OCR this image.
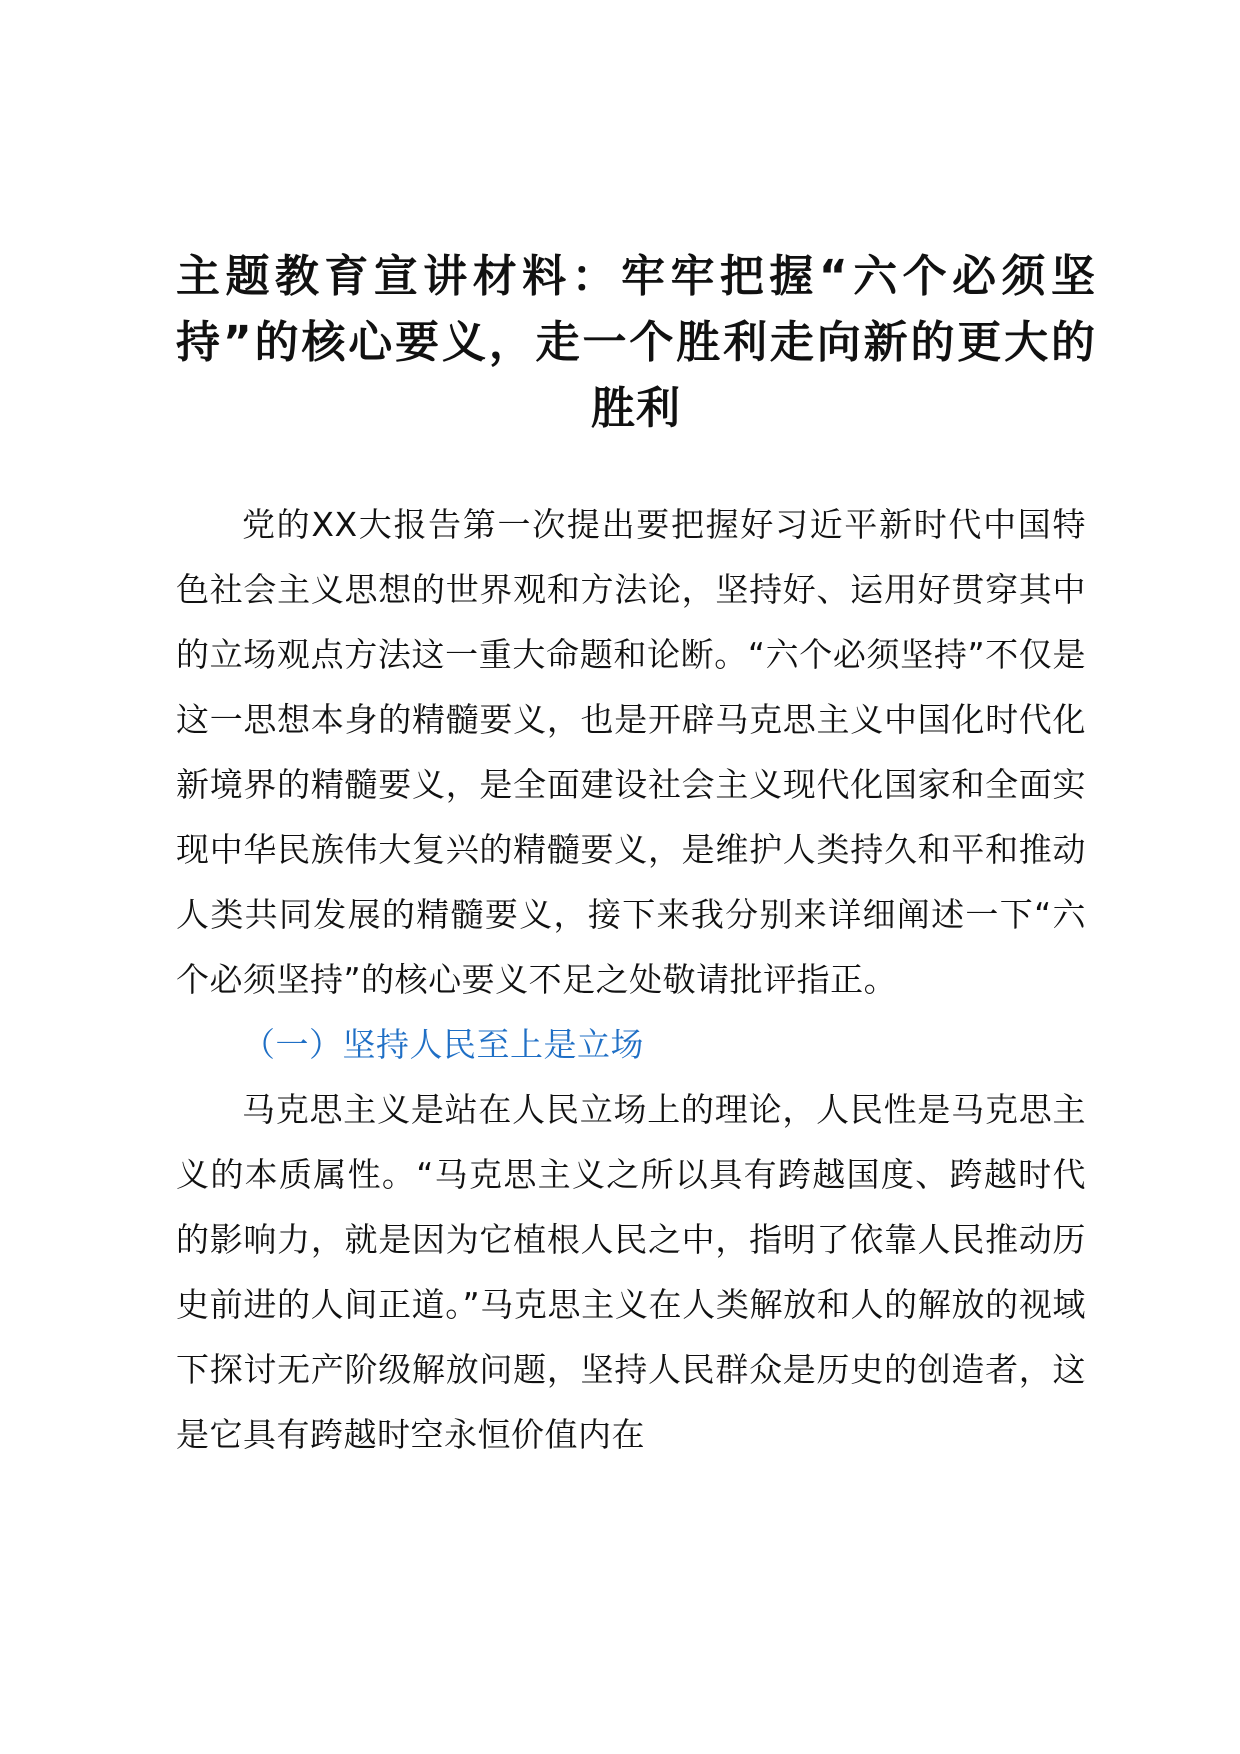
主题教育宣讲材料：牢牢把握“六个必须坚持”的核心要义，走一个胜利走向新的更大的胜利

党的XX大报告第一次提出要把握好习近平新时代中国特色社会主义思想的世界观和方法论，坚持好、运用好贯穿其中的立场观点方法这一重大命题和论断。“六个必须坚持”不仅是这一思想本身的精髓要义，也是开辟马克思主义中国化时代化新境界的精髓要义，是全面建设社会主义现代化国家和全面实现中华民族伟大复兴的精髓要义，是维护人类持久和平和推动人类共同发展的精髓要义，接下来我分别来详细阐述一下“六个必须坚持”的核心要义不足之处敬请批评指正。

（一）坚持人民至上是立场

马克思主义是站在人民立场上的理论，人民性是马克思主义的本质属性。“马克思主义之所以具有跨越国度、跨越时代的影响力，就是因为它植根人民之中，指明了依靠人民推动历史前进的人间正道。”马克思主义在人类解放和人的解放的视域下探讨无产阶级解放问题，坚持人民群众是历史的创造者，这是它具有跨越时空永恒价值内在
